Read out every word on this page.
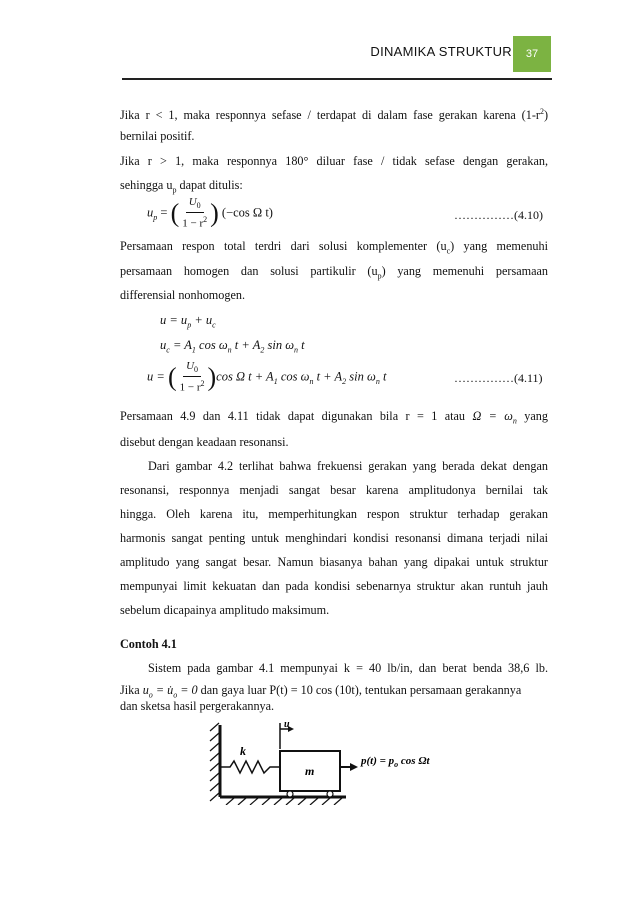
DINAMIKA STRUKTUR 37
Jika r < 1, maka responnya sefase / terdapat di dalam fase gerakan karena $(1-r^2)$
bernilai positif.
Jika r > 1, maka responnya 180° diluar fase / tidak sefase dengan gerakan,
sehingga $u_p$ dapat ditulis:
$u_p$ = ( $\frac{U_0}{1 - r^2}$ ) (−cos Ω t)	……………(4.10)
Persamaan respon total terdri dari solusi komplementer $(u_c)$ yang memenuhi
persamaan homogen dan solusi partikulir $(u_p)$ yang memenuhi persamaan
differensial nonhomogen.
$u = u_p + u_c$
$u_c = A_1$ $\cos \omega_n$ $t + A_2$ $\sin \omega_n$ t
u = ( $\frac{U_0}{1 - r^2} )\cos$ Ω $t + A_1$ $\cos \omega_n$ $t + A_2$ $\sin \omega_n$ t	……………(4.11)
Persamaan 4.9 dan 4.11 tidak dapat digunakan bila r = 1 atau $\Omega = \omega_n$ yang
disebut dengan keadaan resonansi.
Dari gambar 4.2 terlihat bahwa frekuensi gerakan yang berada dekat dengan
resonansi, responnya menjadi sangat besar karena amplitudonya bernilai tak
hingga. Oleh karena itu, memperhitungkan respon struktur terhadap gerakan
harmonis sangat penting untuk menghindari kondisi resonansi dimana terjadi nilai
amplitudo yang sangat besar. Namun biasanya bahan yang dipakai untuk struktur
mempunyai limit kekuatan dan pada kondisi sebenarnya struktur akan runtuh jauh
sebelum dicapainya amplitudo maksimum.
Contoh 4.1
Sistem pada gambar 4.1 mempunyai k = 40 lb/in, dan berat benda 38,6 lb.
Jika $u_o$ = $u̇_o = 0$ dan gaya luar P(t) = 10 cos (10t), tentukan persamaan gerakannya
dan sketsa hasil pergerakannya.
k
m
u
$p(t) = p_o$ cos Ωt
